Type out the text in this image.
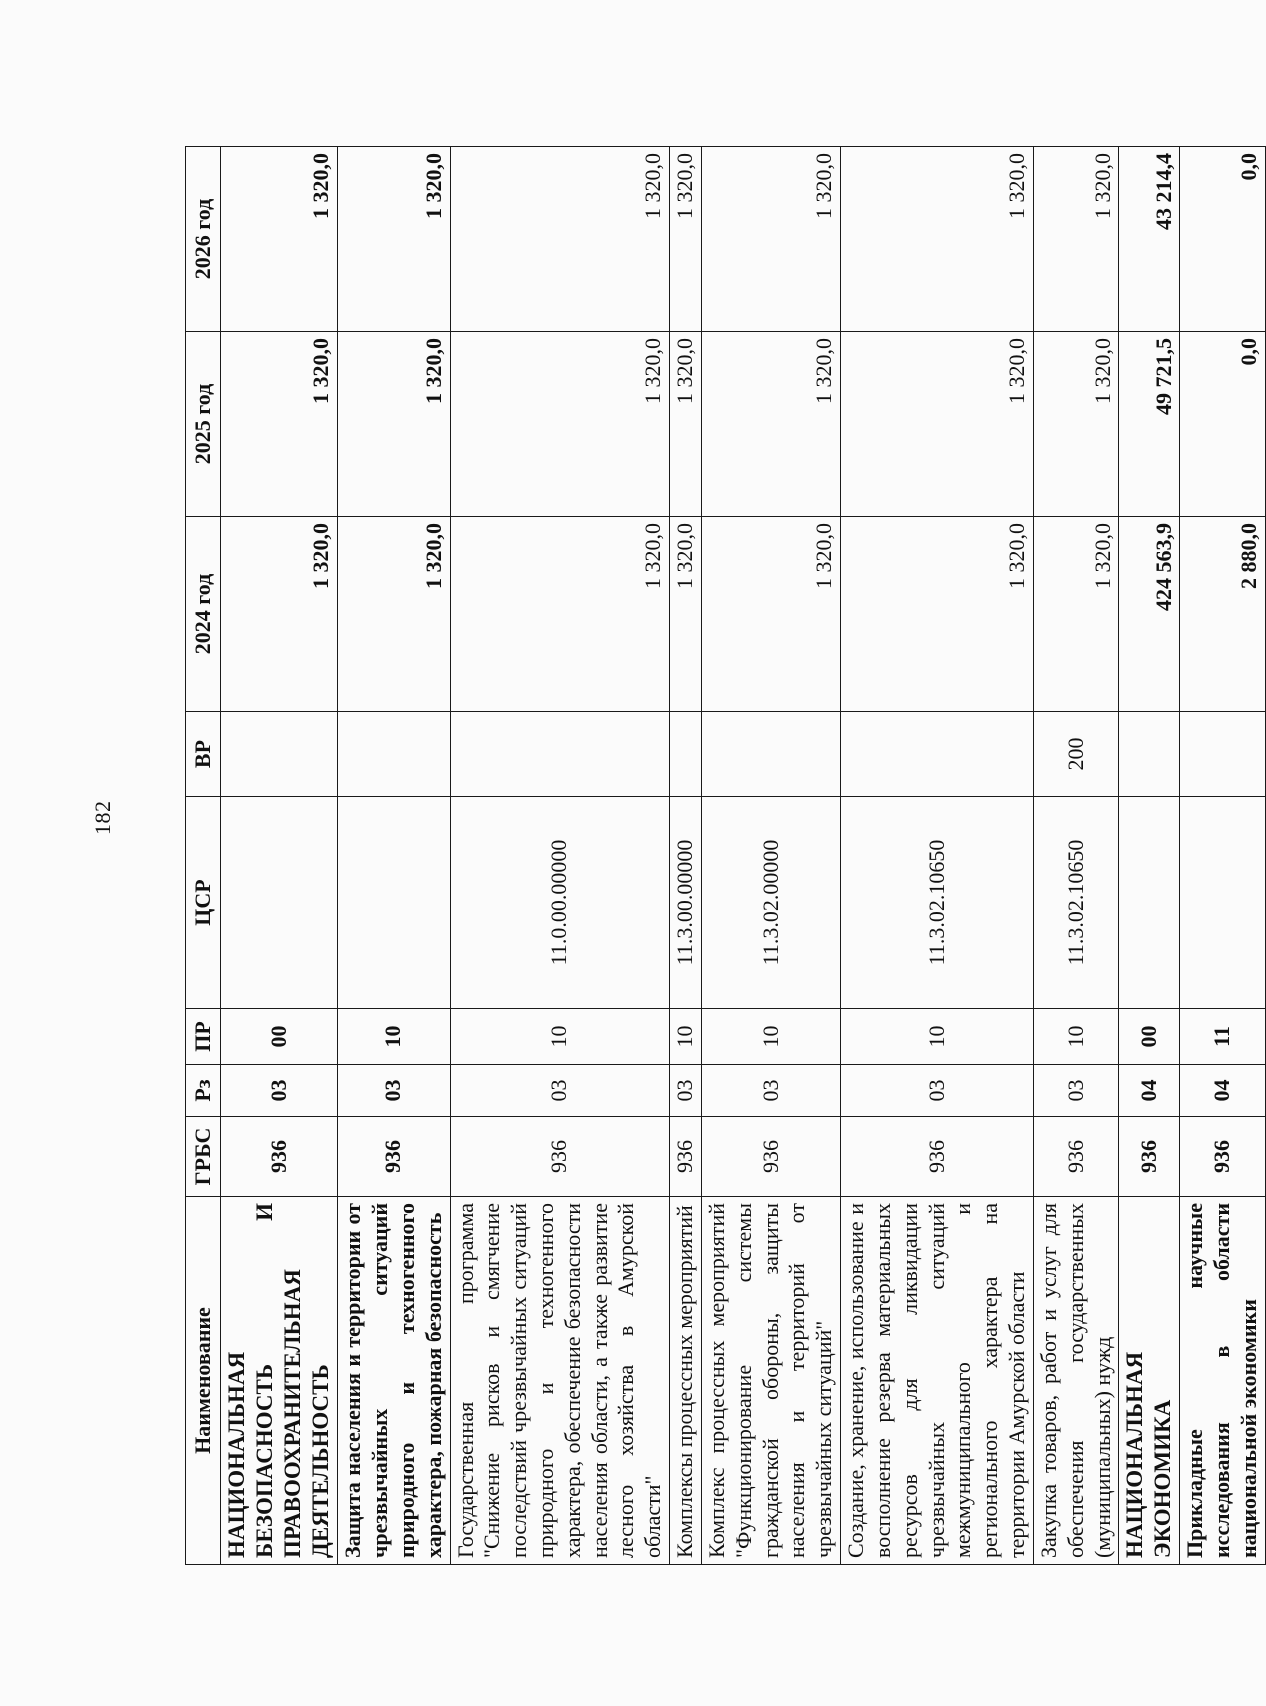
182
Наименование	ГРБС	Рз	ПР	ЦСР	ВР	2024 год	2025 год	2026 год
НАЦИОНАЛЬНАЯ БЕЗОПАСНОСТЬ И ПРАВООХРАНИТЕЛЬНАЯ ДЕЯТЕЛЬНОСТЬ	936	03	00			1 320,0	1 320,0	1 320,0
Защита населения и территории от чрезвычайных ситуаций природного и техногенного характера, пожарная безопасность	936	03	10			1 320,0	1 320,0	1 320,0
Государственная программа "Снижение рисков и смягчение последствий чрезвычайных ситуаций природного и техногенного характера, обеспечение безопасности населения области, а также развитие лесного хозяйства в Амурской области"	936	03	10	11.0.00.00000		1 320,0	1 320,0	1 320,0
Комплексы процессных мероприятий	936	03	10	11.3.00.00000		1 320,0	1 320,0	1 320,0
Комплекс процессных мероприятий "Функционирование системы гражданской обороны, защиты населения и территорий от чрезвычайных ситуаций"	936	03	10	11.3.02.00000		1 320,0	1 320,0	1 320,0
Создание, хранение, использование и восполнение резерва материальных ресурсов для ликвидации чрезвычайных ситуаций межмуниципального и регионального характера на территории Амурской области	936	03	10	11.3.02.10650		1 320,0	1 320,0	1 320,0
Закупка товаров, работ и услуг для обеспечения государственных (муниципальных) нужд	936	03	10	11.3.02.10650	200	1 320,0	1 320,0	1 320,0
НАЦИОНАЛЬНАЯ ЭКОНОМИКА	936	04	00			424 563,9	49 721,5	43 214,4
Прикладные научные исследования в области национальной экономики	936	04	11			2 880,0	0,0	0,0
